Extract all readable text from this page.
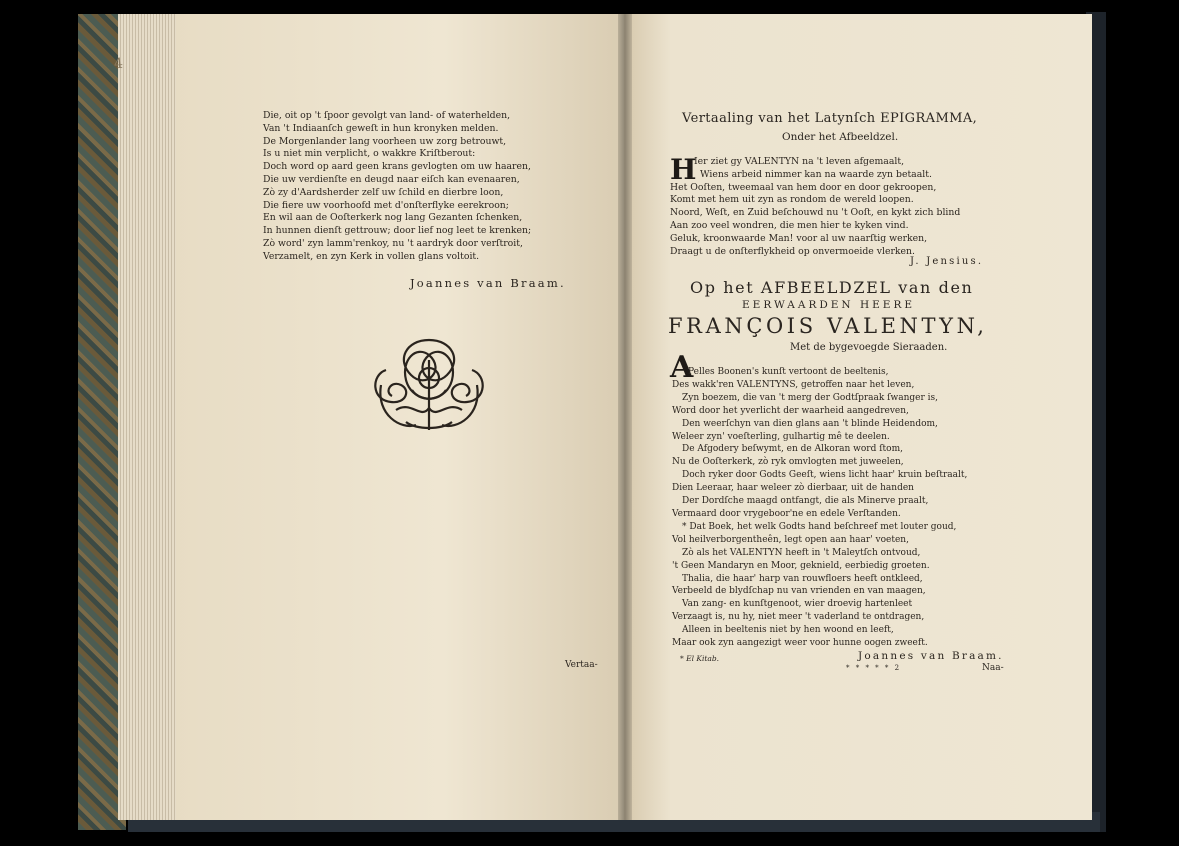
4
Die, oit op 't ſpoor gevolgt van land- of waterhelden,
Van 't Indiaanſch geweſt in hun kronyken melden.
De Morgenlander lang voorheen uw zorg betrouwt,
Is u niet min verplicht, o wakkre Kriſtberout:
Doch word op aard geen krans gevlogten om uw haaren,
Die uw verdienſte en deugd naar eiſch kan evenaaren,
Zò zy d'Aardsherder zelf uw ſchild en dierbre loon,
Die fiere uw voorhoofd met d'onſterflyke eerekroon;
En wil aan de Ooſterkerk nog lang Gezanten ſchenken,
In hunnen dienſt gettrouw; door lief nog leet te krenken;
Zò word' zyn lamm'renkoy, nu 't aardryk door verſtroit,
Verzamelt, en zyn Kerk in vollen glans voltoit.
Joannes van Braam.
Vertaa-
Vertaaling van het Latynſch EPIGRAMMA,
Onder het Afbeeldzel.
H
Ier ziet gy VALENTYN na 't leven afgemaalt,
Wiens arbeid nimmer kan na waarde zyn betaalt.
Het Ooſten, tweemaal van hem door en door gekroopen,
Komt met hem uit zyn as rondom de wereld loopen.
Noord, Weſt, en Zuid beſchouwd nu 't Ooſt, en kykt zich blind
Aan zoo veel wondren, die men hier te kyken vind.
Geluk, kroonwaarde Man! voor al uw naarſtig werken,
Draagt u de onſterflykheid op onvermoeide vlerken.
J. Jensius.
Op het AFBEELDZEL van den
EERWAARDEN HEERE
FRANÇOIS VALENTYN,
Met de bygevoegde Sieraaden.
A
Pelles Boonen's kunſt vertoont de beeltenis,
Des wakk'ren VALENTYNS, getroffen naar het leven,
Zyn boezem, die van 't merg der Godtſpraak ſwanger is,
Word door het yverlicht der waarheid aangedreven,
Den weerſchyn van dien glans aan 't blinde Heidendom,
Weleer zyn' voeſterling, gulhartig mê te deelen.
De Afgodery beſwymt, en de Alkoran word ſtom,
Nu de Ooſterkerk, zò ryk omvlogten met juweelen,
Doch ryker door Godts Geeſt, wiens licht haar' kruin beſtraalt,
Dien Leeraar, haar weleer zò dierbaar, uit de handen
Der Dordſche maagd ontfangt, die als Minerve praalt,
Vermaard door vrygeboor'ne en edele Verſtanden.
* Dat Boek, het welk Godts hand beſchreef met louter goud,
Vol heilverborgentheên, legt open aan haar' voeten,
Zò als het VALENTYN heeft in 't Maleytſch ontvoud,
't Geen Mandaryn en Moor, geknield, eerbiedig groeten.
Thalia, die haar' harp van rouwfloers heeft ontkleed,
Verbeeld de blydſchap nu van vrienden en van maagen,
Van zang- en kunſtgenoot, wier droevig hartenleet
Verzaagt is, nu hy, niet meer 't vaderland te ontdragen,
Alleen in beeltenis niet by hen woond en leeft,
Maar ook zyn aangezigt weer voor hunne oogen zweeft.
* El Kitab.	Joannes van Braam.
* * * * * 2	Naa-
